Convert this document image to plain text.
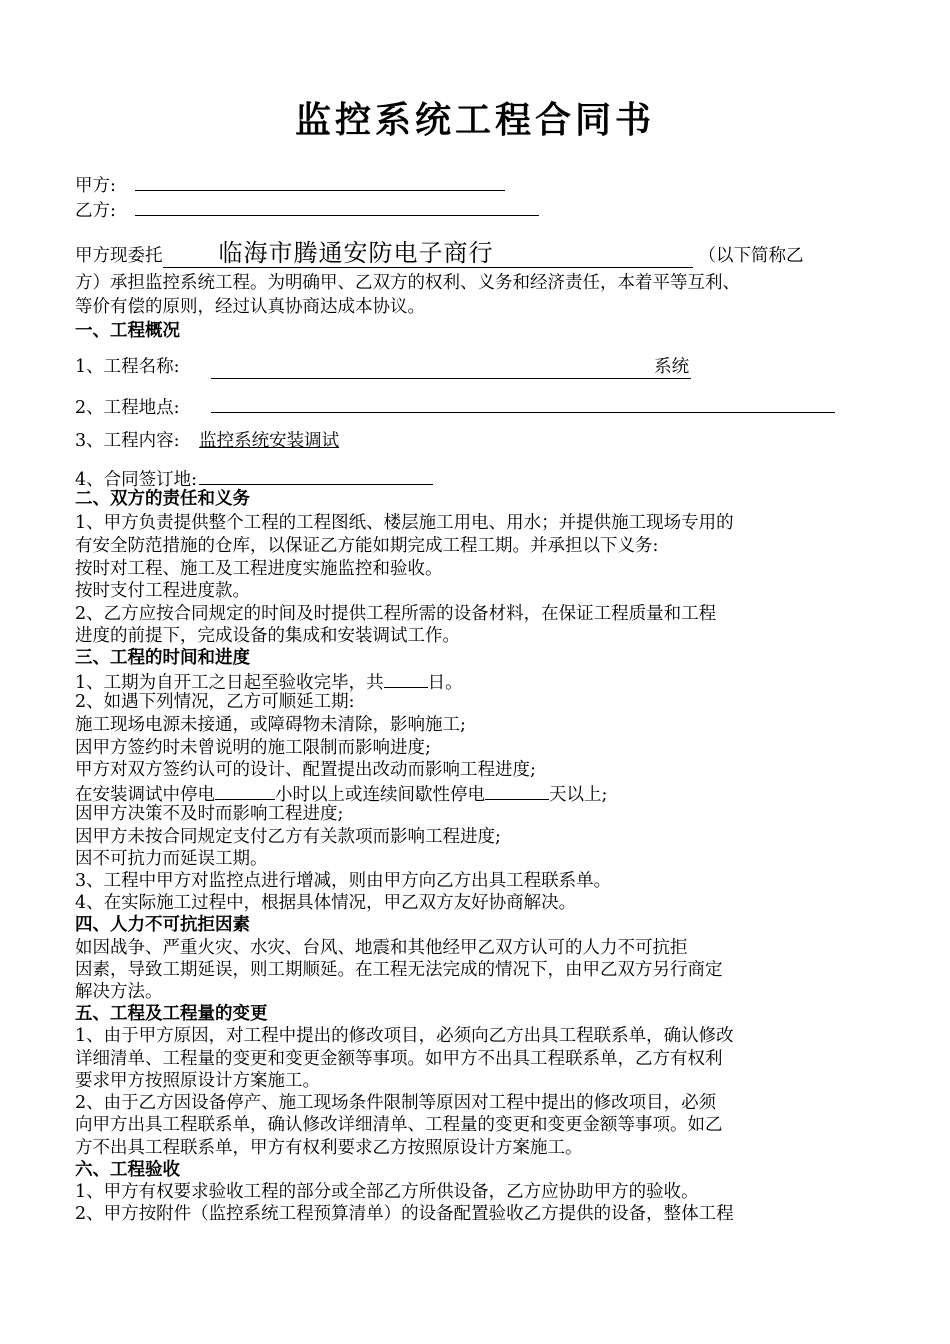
监控系统工程合同书
甲方:
乙方:
甲方现委托 临海市腾通安防电子商行	（以下简称乙
方）承担监控系统工程。为明确甲、乙双方的权利、义务和经济责任，本着平等互利、
等价有偿的原则，经过认真协商达成本协议。
一、工程概况
1、工程名称:	系统
2、工程地点:
3、工程内容: 监控系统安装调试
4、合同签订地:
二、双方的责任和义务
1、甲方负责提供整个工程的工程图纸、楼层施工用电、用水；并提供施工现场专用的
有安全防范措施的仓库，以保证乙方能如期完成工程工期。并承担以下义务:
按时对工程、施工及工程进度实施监控和验收。
按时支付工程进度款。
2、乙方应按合同规定的时间及时提供工程所需的设备材料，在保证工程质量和工程
进度的前提下，完成设备的集成和安装调试工作。
三、工程的时间和进度
1、工期为自开工之日起至验收完毕，共	日。
2、如遇下列情况，乙方可顺延工期:
施工现场电源未接通，或障碍物未清除，影响施工;
因甲方签约时未曾说明的施工限制而影响进度;
甲方对双方签约认可的设计、配置提出改动而影响工程进度;
在安装调试中停电	小时以上或连续间歇性停电	天以上;
因甲方决策不及时而影响工程进度;
因甲方未按合同规定支付乙方有关款项而影响工程进度;
因不可抗力而延误工期。
3、工程中甲方对监控点进行增减，则由甲方向乙方出具工程联系单。
4、在实际施工过程中，根据具体情况，甲乙双方友好协商解决。
四、人力不可抗拒因素
如因战争、严重火灾、水灾、台风、地震和其他经甲乙双方认可的人力不可抗拒
因素，导致工期延误，则工期顺延。在工程无法完成的情况下，由甲乙双方另行商定
解决方法。
五、工程及工程量的变更
1、由于甲方原因，对工程中提出的修改项目，必须向乙方出具工程联系单，确认修改
详细清单、工程量的变更和变更金额等事项。如甲方不出具工程联系单，乙方有权利
要求甲方按照原设计方案施工。
2、由于乙方因设备停产、施工现场条件限制等原因对工程中提出的修改项目，必须
向甲方出具工程联系单，确认修改详细清单、工程量的变更和变更金额等事项。如乙
方不出具工程联系单，甲方有权利要求乙方按照原设计方案施工。
六、工程验收
1、甲方有权要求验收工程的部分或全部乙方所供设备，乙方应协助甲方的验收。
2、甲方按附件（监控系统工程预算清单）的设备配置验收乙方提供的设备，整体工程
